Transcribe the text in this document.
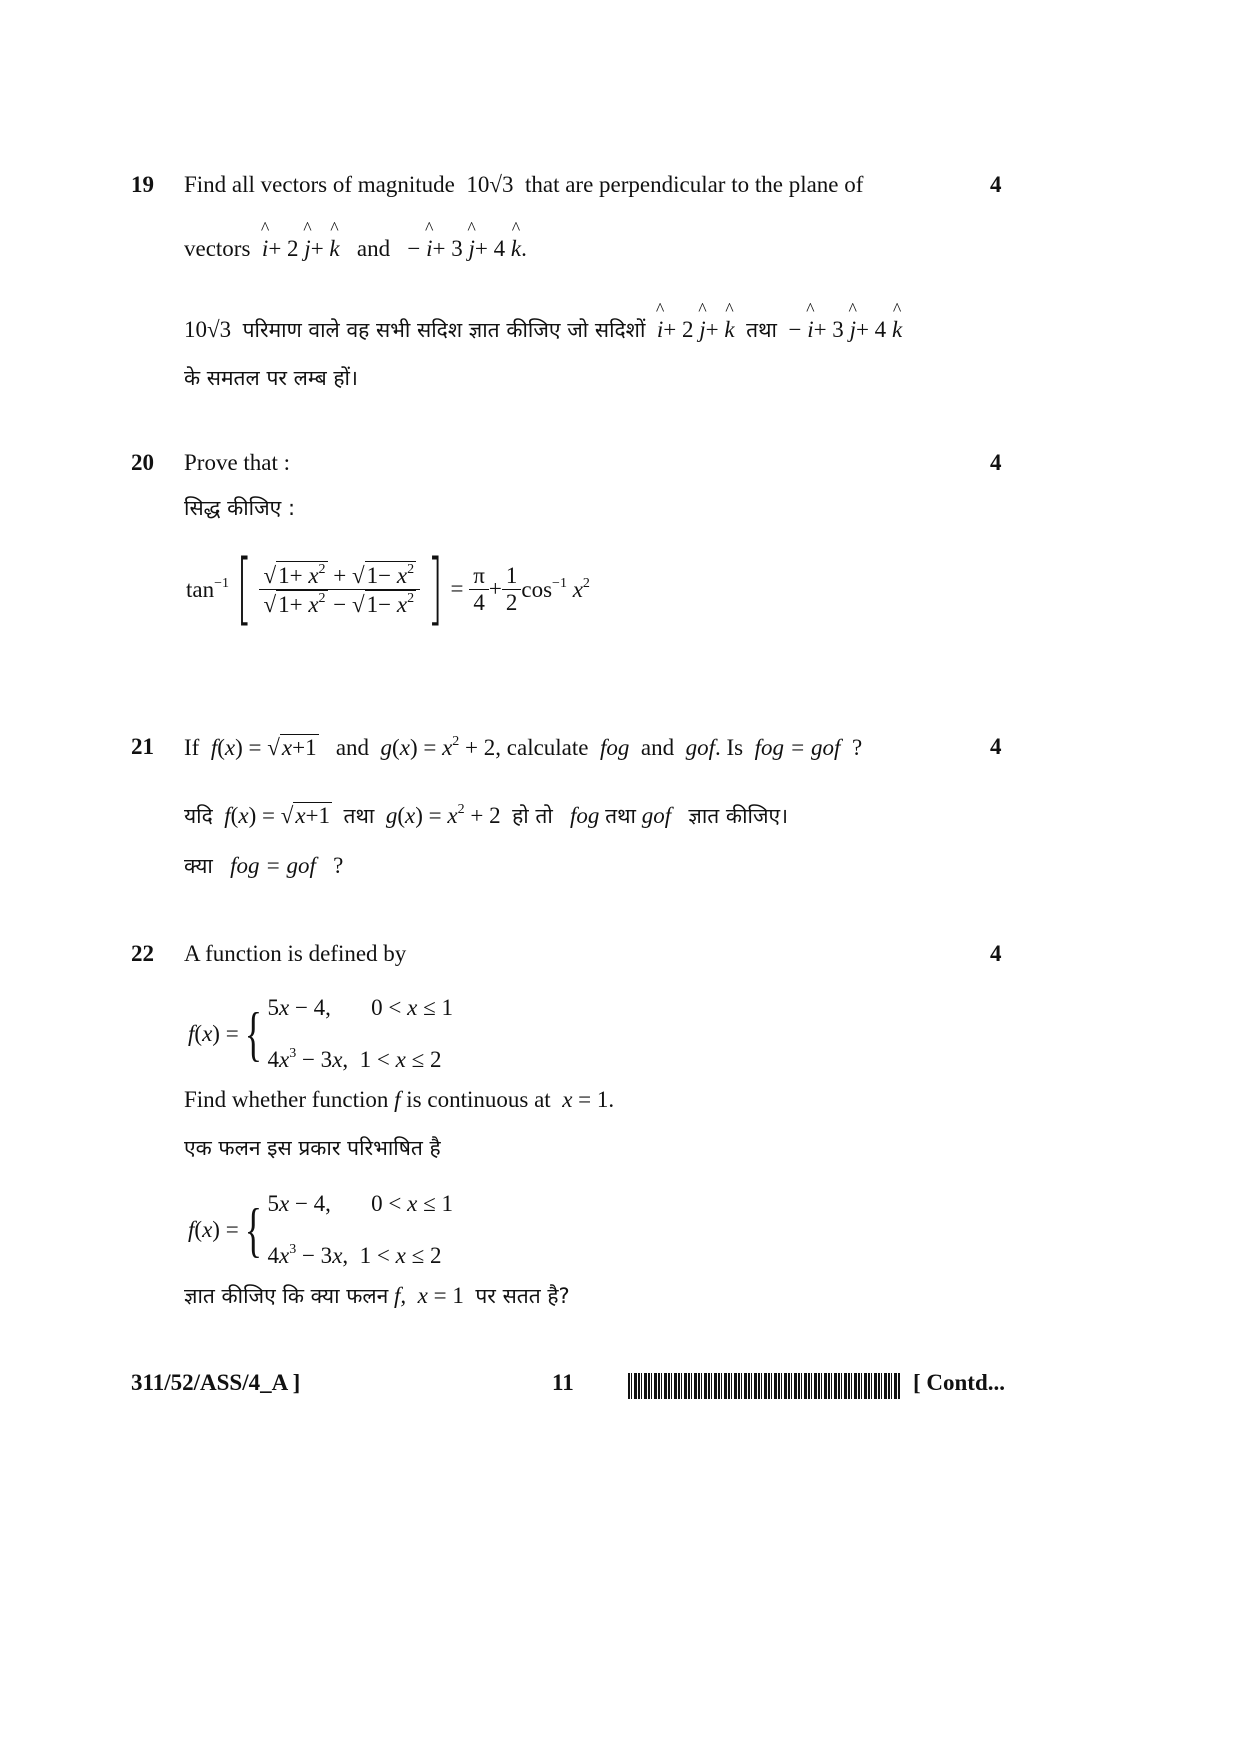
19	4
Find all vectors of magnitude 10√3 that are perpendicular to the plane of
vectors ^ i+ 2 ^ j+ ^ k and − ^ i+ 3 ^ j+ 4 ^ k.
10√3 परिमाण वाले वह सभी सदिश ज्ञात कीजिए जो सदिशों ^ i+ 2 ^ j+ ^ k तथा − ^ i+ 3 ^ j+ 4 ^ k
के समतल पर लम्ब हों।
20	4
Prove that :
सिद्ध कीजिए :
$\tan^{-1}$ [ $\frac{√1+ x^2 + √1- x^2}{√1+ x^2 - √1- x^2}$ ] = $\frac{\pi}{4} + \frac{1}{2} \cos^{-1} x^2$
21	4
If f(x) = √x+1 and $g(x) = x^2 + 2$, calculate fog and gof. Is fog = gof ?
यदि f(x) = √x+1 तथा $g(x) = x^2 + 2$ हो तो fog तथा gof ज्ञात कीजिए।
क्या fog = gof ?
22	4
A function is defined by
f(x) = { 5x − 4,       0 < x ≤ 1
$4x^3 - 3x$,  1 < x ≤ 2
Find whether function f is continuous at x = 1.
एक फलन इस प्रकार परिभाषित है
f(x) = { 5x − 4,       0 < x ≤ 1
$4x^3 - 3x$,  1 < x ≤ 2
ज्ञात कीजिए कि क्या फलन f, x = 1 पर सतत है?
311/52/ASS/4_A ]	11	[ Contd...
